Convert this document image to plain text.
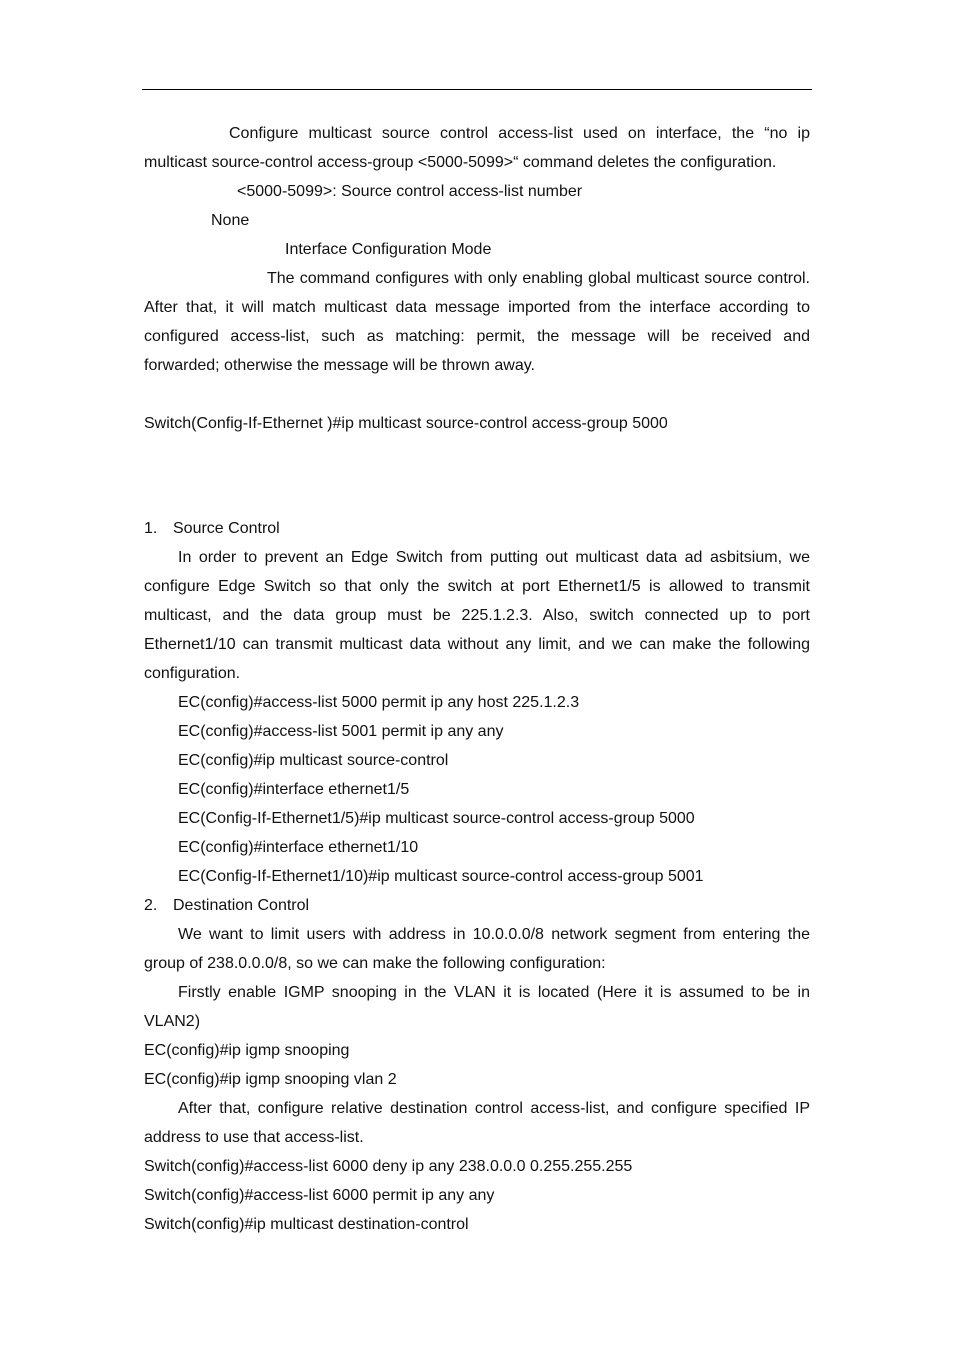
Configure multicast source control access-list used on interface, the “no ip multicast source-control access-group <5000-5099>“ command deletes the configuration.

<5000-5099>: Source control access-list number

None

Interface Configuration Mode

The command configures with only enabling global multicast source control. After that, it will match multicast data message imported from the interface according to configured access-list, such as matching: permit, the message will be received and forwarded; otherwise the message will be thrown away.

Switch(Config-If-Ethernet )#ip multicast source-control access-group 5000

1. Source Control

In order to prevent an Edge Switch from putting out multicast data ad asbitsium, we configure Edge Switch so that only the switch at port Ethernet1/5 is allowed to transmit multicast, and the data group must be 225.1.2.3. Also, switch connected up to port Ethernet1/10 can transmit multicast data without any limit, and we can make the following configuration.

EC(config)#access-list 5000 permit ip any host 225.1.2.3

EC(config)#access-list 5001 permit ip any any

EC(config)#ip multicast source-control

EC(config)#interface ethernet1/5

EC(Config-If-Ethernet1/5)#ip multicast source-control access-group 5000

EC(config)#interface ethernet1/10

EC(Config-If-Ethernet1/10)#ip multicast source-control access-group 5001

2. Destination Control

We want to limit users with address in 10.0.0.0/8 network segment from entering the group of 238.0.0.0/8, so we can make the following configuration:

Firstly enable IGMP snooping in the VLAN it is located (Here it is assumed to be in VLAN2)

EC(config)#ip igmp snooping

EC(config)#ip igmp snooping vlan 2

After that, configure relative destination control access-list, and configure specified IP address to use that access-list.

Switch(config)#access-list 6000 deny ip any 238.0.0.0 0.255.255.255

Switch(config)#access-list 6000 permit ip any any

Switch(config)#ip multicast destination-control
